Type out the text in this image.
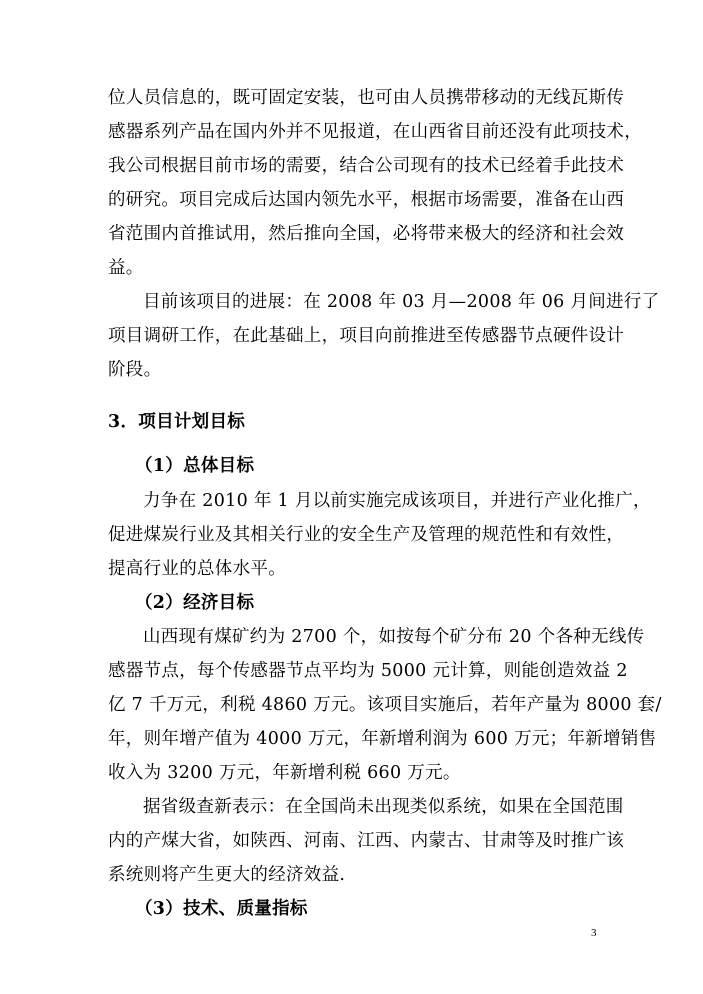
位人员信息的，既可固定安装，也可由人员携带移动的无线瓦斯传
感器系列产品在国内外并不见报道，在山西省目前还没有此项技术，
我公司根据目前市场的需要，结合公司现有的技术已经着手此技术
的研究。项目完成后达国内领先水平，根据市场需要，准备在山西
省范围内首推试用，然后推向全国，必将带来极大的经济和社会效
益。
目前该项目的进展：在 2008 年 03 月—2008 年 06 月间进行了
项目调研工作，在此基础上，项目向前推进至传感器节点硬件设计
阶段。
3．项目计划目标
（1）总体目标
力争在 2010 年 1 月以前实施完成该项目，并进行产业化推广，
促进煤炭行业及其相关行业的安全生产及管理的规范性和有效性，
提高行业的总体水平。
（2）经济目标
山西现有煤矿约为 2700 个，如按每个矿分布 20 个各种无线传
感器节点，每个传感器节点平均为 5000 元计算，则能创造效益 2
亿 7 千万元，利税 4860 万元。该项目实施后，若年产量为 8000 套/
年，则年增产值为 4000 万元，年新增利润为 600 万元；年新增销售
收入为 3200 万元，年新增利税 660 万元。
据省级查新表示：在全国尚未出现类似系统，如果在全国范围
内的产煤大省，如陕西、河南、江西、内蒙古、甘肃等及时推广该
系统则将产生更大的经济效益.
（3）技术、质量指标
3
